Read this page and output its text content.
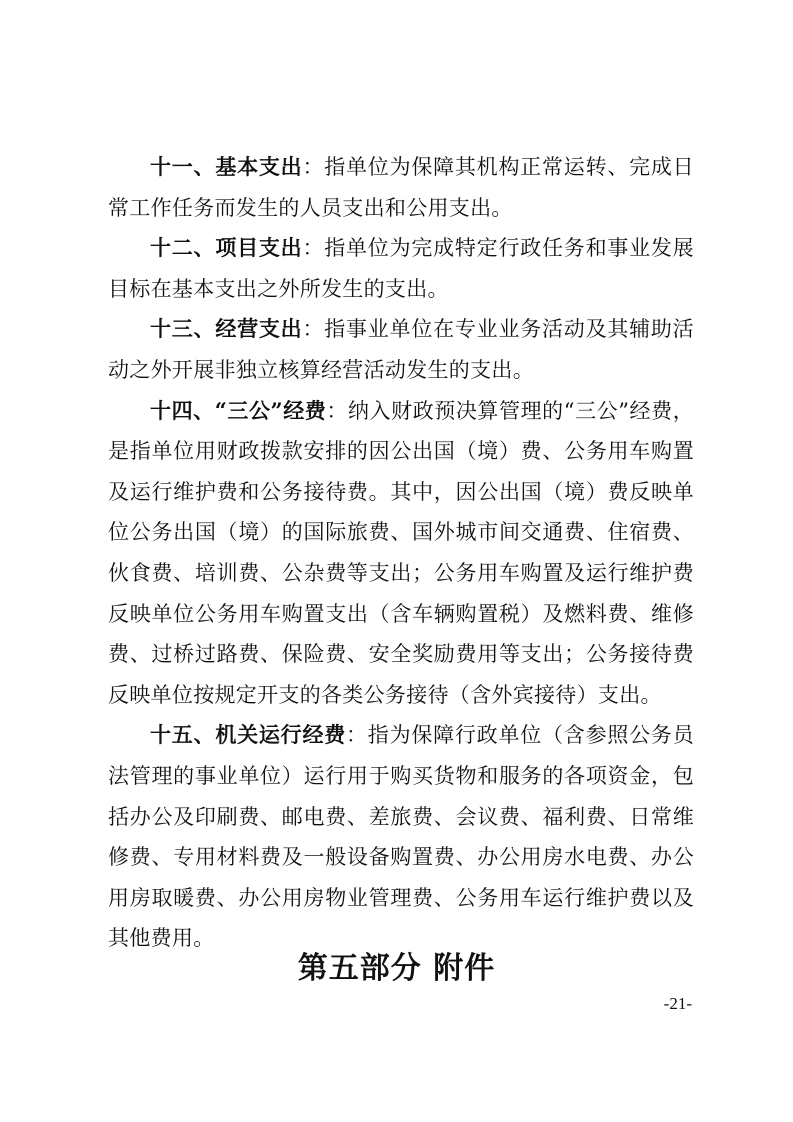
十一、基本支出：指单位为保障其机构正常运转、完成日常工作任务而发生的人员支出和公用支出。

十二、项目支出：指单位为完成特定行政任务和事业发展目标在基本支出之外所发生的支出。

十三、经营支出：指事业单位在专业业务活动及其辅助活动之外开展非独立核算经营活动发生的支出。

十四、“三公”经费：纳入财政预决算管理的“三公”经费，是指单位用财政拨款安排的因公出国（境）费、公务用车购置及运行维护费和公务接待费。其中，因公出国（境）费反映单位公务出国（境）的国际旅费、国外城市间交通费、住宿费、伙食费、培训费、公杂费等支出；公务用车购置及运行维护费反映单位公务用车购置支出（含车辆购置税）及燃料费、维修费、过桥过路费、保险费、安全奖励费用等支出；公务接待费反映单位按规定开支的各类公务接待（含外宾接待）支出。

十五、机关运行经费：指为保障行政单位（含参照公务员法管理的事业单位）运行用于购买货物和服务的各项资金，包括办公及印刷费、邮电费、差旅费、会议费、福利费、日常维修费、专用材料费及一般设备购置费、办公用房水电费、办公用房取暖费、办公用房物业管理费、公务用车运行维护费以及其他费用。

第五部分 附件
-21-
